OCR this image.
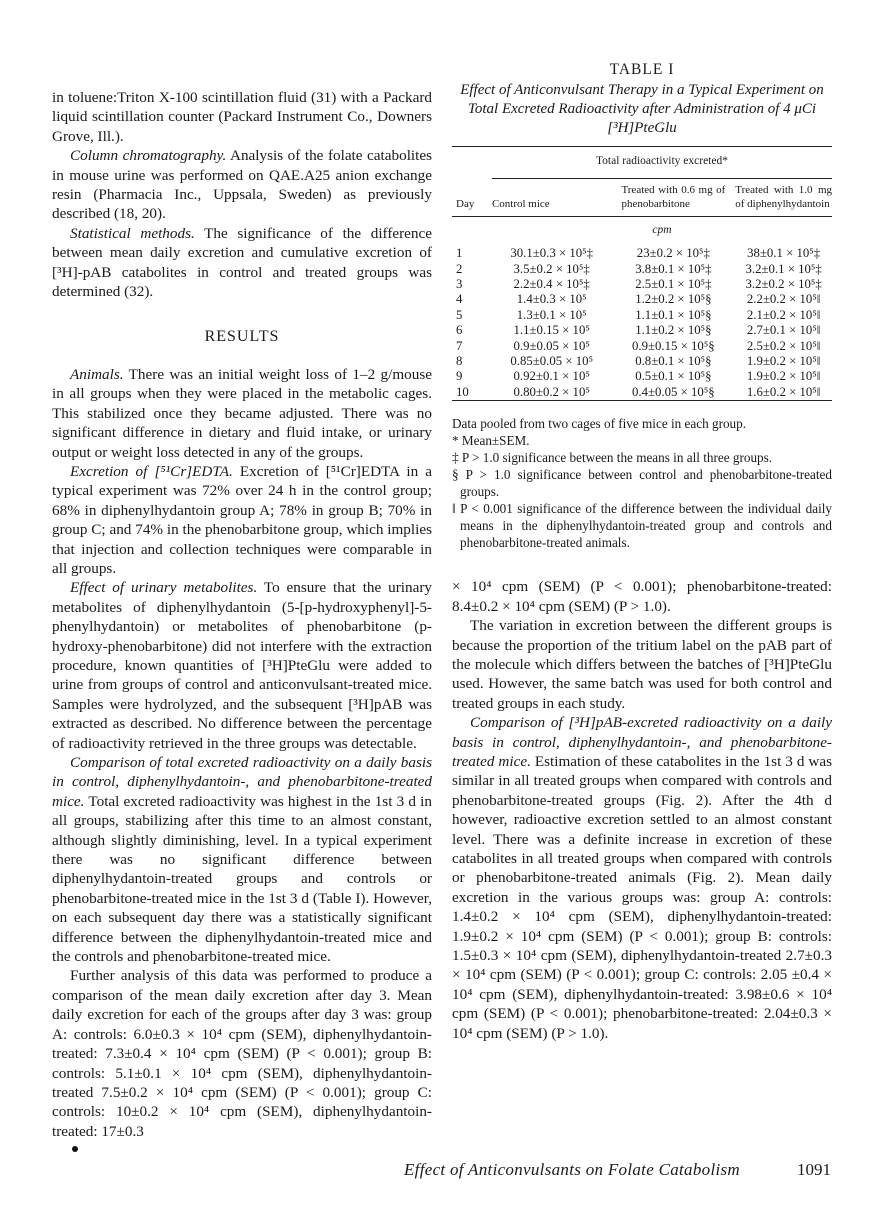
in toluene:Triton X-100 scintillation fluid (31) with a Packard liquid scintillation counter (Packard Instrument Co., Downers Grove, Ill.).

Column chromatography. Analysis of the folate catabolites in mouse urine was performed on QAE.A25 anion exchange resin (Pharmacia Inc., Uppsala, Sweden) as previously described (18, 20).

Statistical methods. The significance of the difference between mean daily excretion and cumulative excretion of [³H]-pAB catabolites in control and treated groups was determined (32).

RESULTS

Animals. There was an initial weight loss of 1–2 g/mouse in all groups when they were placed in the metabolic cages. This stabilized once they became adjusted. There was no significant difference in dietary and fluid intake, or urinary output or weight loss detected in any of the groups.

Excretion of [⁵¹Cr]EDTA. Excretion of [⁵¹Cr]EDTA in a typical experiment was 72% over 24 h in the control group; 68% in diphenylhydantoin group A; 78% in group B; 70% in group C; and 74% in the phenobarbitone group, which implies that injection and collection techniques were comparable in all groups.

Effect of urinary metabolites. To ensure that the urinary metabolites of diphenylhydantoin (5-[p-hydroxyphenyl]-5-phenylhydantoin) or metabolites of phenobarbitone (p-hydroxy-phenobarbitone) did not interfere with the extraction procedure, known quantities of [³H]PteGlu were added to urine from groups of control and anticonvulsant-treated mice. Samples were hydrolyzed, and the subsequent [³H]pAB was extracted as described. No difference between the percentage of radioactivity retrieved in the three groups was detectable.

Comparison of total excreted radioactivity on a daily basis in control, diphenylhydantoin-, and phenobarbitone-treated mice. Total excreted radioactivity was highest in the 1st 3 d in all groups, stabilizing after this time to an almost constant, although slightly diminishing, level. In a typical experiment there was no significant difference between diphenylhydantoin-treated groups and controls or phenobarbitone-treated mice in the 1st 3 d (Table I). However, on each subsequent day there was a statistically significant difference between the diphenylhydantoin-treated mice and the controls and phenobarbitone-treated mice.

Further analysis of this data was performed to produce a comparison of the mean daily excretion after day 3. Mean daily excretion for each of the groups after day 3 was: group A: controls: 6.0±0.3 × 10⁴ cpm (SEM), diphenylhydantoin-treated: 7.3±0.4 × 10⁴ cpm (SEM) (P < 0.001); group B: controls: 5.1±0.1 × 10⁴ cpm (SEM), diphenylhydantoin-treated 7.5±0.2 × 10⁴ cpm (SEM) (P < 0.001); group C: controls: 10±0.2 × 10⁴ cpm (SEM), diphenylhydantoin-treated: 17±0.3

TABLE I
Effect of Anticonvulsant Therapy in a Typical Experiment on Total Excreted Radioactivity after Administration of 4 μCi [³H]PteGlu
	Total radioactivity excreted*		
Day	Control mice	Treated with 0.6 mg of phenobarbitone	Treated with 1.0 mg of diphenylhydantoin
	cpm		
1	30.1±0.3 × 10⁵‡	23±0.2 × 10⁵‡	38±0.1 × 10⁵‡
2	3.5±0.2 × 10⁵‡	3.8±0.1 × 10⁵‡	3.2±0.1 × 10⁵‡
3	2.2±0.4 × 10⁵‡	2.5±0.1 × 10⁵‡	3.2±0.2 × 10⁵‡
4	1.4±0.3 × 10⁵	1.2±0.2 × 10⁵§	2.2±0.2 × 10⁵‖
5	1.3±0.1 × 10⁵	1.1±0.1 × 10⁵§	2.1±0.2 × 10⁵‖
6	1.1±0.15 × 10⁵	1.1±0.2 × 10⁵§	2.7±0.1 × 10⁵‖
7	0.9±0.05 × 10⁵	0.9±0.15 × 10⁵§	2.5±0.2 × 10⁵‖
8	0.85±0.05 × 10⁵	0.8±0.1 × 10⁵§	1.9±0.2 × 10⁵‖
9	0.92±0.1 × 10⁵	0.5±0.1 × 10⁵§	1.9±0.2 × 10⁵‖
10	0.80±0.2 × 10⁵	0.4±0.05 × 10⁵§	1.6±0.2 × 10⁵‖

Data pooled from two cages of five mice in each group.
* Mean±SEM.
‡ P > 1.0 significance between the means in all three groups.
§ P > 1.0 significance between control and phenobarbitone-treated groups.
‖ P < 0.001 significance of the difference between the individual daily means in the diphenylhydantoin-treated group and controls and phenobarbitone-treated animals.

× 10⁴ cpm (SEM) (P < 0.001); phenobarbitone-treated: 8.4±0.2 × 10⁴ cpm (SEM) (P > 1.0).

The variation in excretion between the different groups is because the proportion of the tritium label on the pAB part of the molecule which differs between the batches of [³H]PteGlu used. However, the same batch was used for both control and treated groups in each study.

Comparison of [³H]pAB-excreted radioactivity on a daily basis in control, diphenylhydantoin-, and phenobarbitone-treated mice. Estimation of these catabolites in the 1st 3 d was similar in all treated groups when compared with controls and phenobarbitone-treated groups (Fig. 2). After the 4th d however, radioactive excretion settled to an almost constant level. There was a definite increase in excretion of these catabolites in all treated groups when compared with controls or phenobarbitone-treated animals (Fig. 2). Mean daily excretion in the various groups was: group A: controls: 1.4±0.2 × 10⁴ cpm (SEM), diphenylhydantoin-treated: 1.9±0.2 × 10⁴ cpm (SEM) (P < 0.001); group B: controls: 1.5±0.3 × 10⁴ cpm (SEM), diphenylhydantoin-treated 2.7±0.3 × 10⁴ cpm (SEM) (P < 0.001); group C: controls: 2.05 ±0.4 × 10⁴ cpm (SEM), diphenylhydantoin-treated: 3.98±0.6 × 10⁴ cpm (SEM) (P < 0.001); phenobarbitone-treated: 2.04±0.3 × 10⁴ cpm (SEM) (P > 1.0).

Effect of Anticonvulsants on Folate Catabolism	1091
